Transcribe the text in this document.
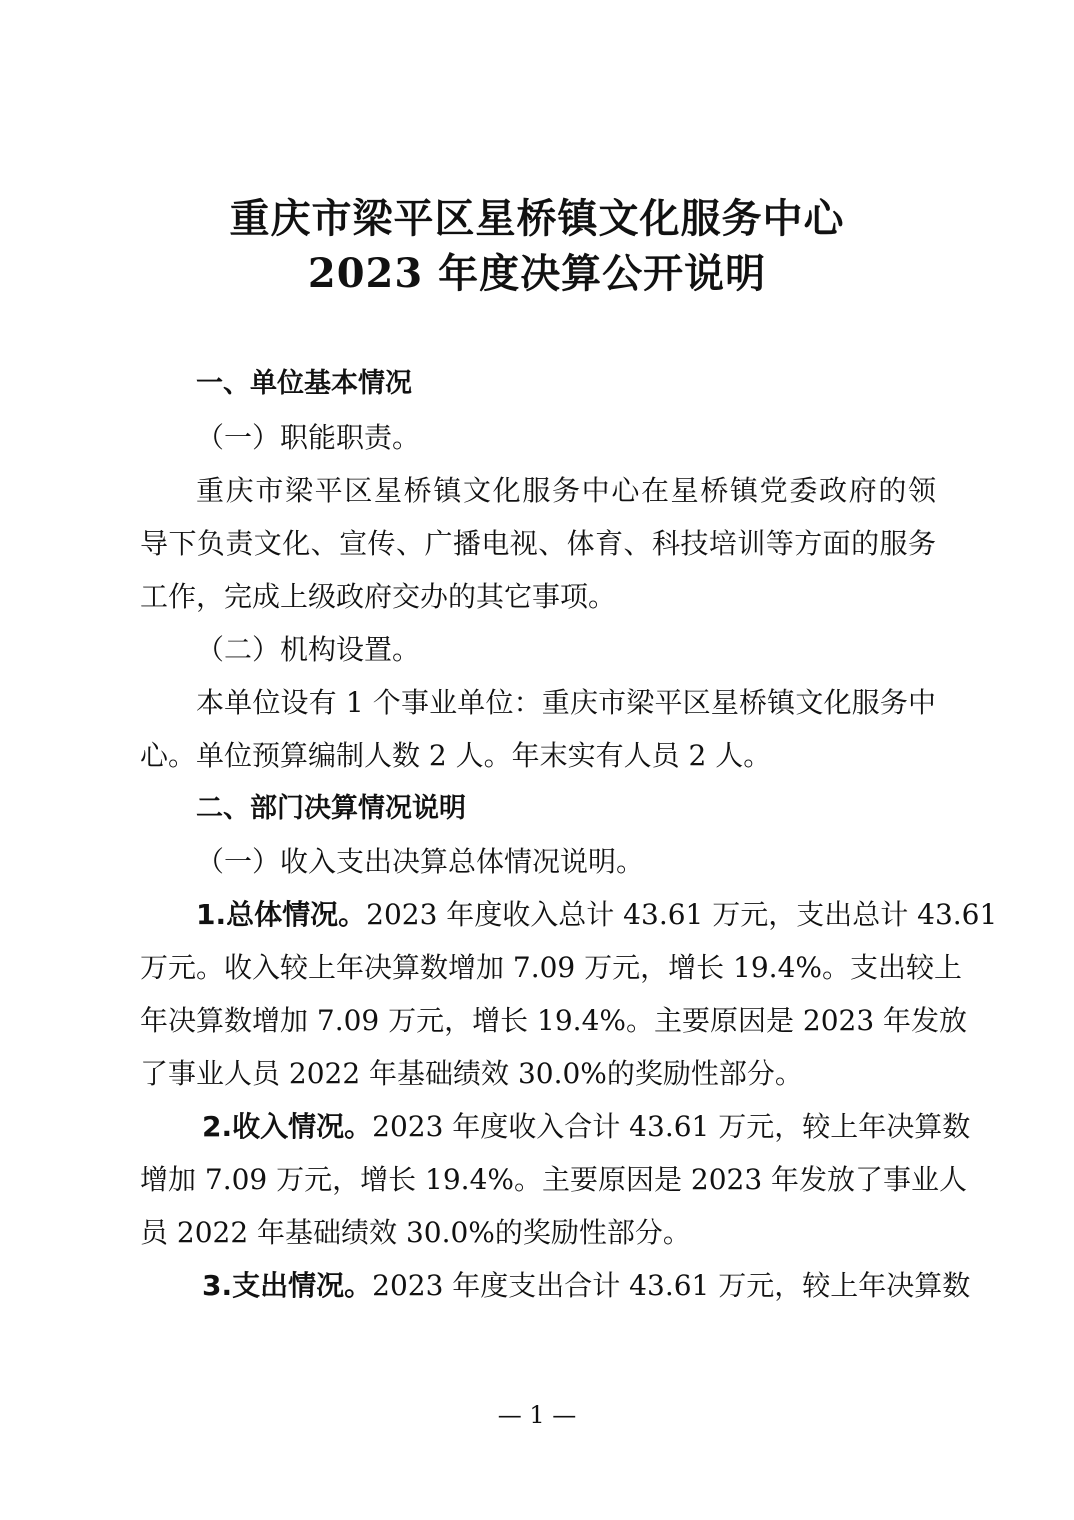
重庆市梁平区星桥镇文化服务中心
2023 年度决算公开说明
一、单位基本情况
（一）职能职责。
重庆市梁平区星桥镇文化服务中心在星桥镇党委政府的领
导下负责文化、宣传、广播电视、体育、科技培训等方面的服务
工作，完成上级政府交办的其它事项。
（二）机构设置。
本单位设有 1 个事业单位：重庆市梁平区星桥镇文化服务中
心。单位预算编制人数 2 人。年末实有人员 2 人。
二、部门决算情况说明
（一）收入支出决算总体情况说明。
1.总体情况。2023 年度收入总计 43.61 万元，支出总计 43.61
万元。收入较上年决算数增加 7.09 万元，增长 19.4%。支出较上
年决算数增加 7.09 万元，增长 19.4%。主要原因是 2023 年发放
了事业人员 2022 年基础绩效 30.0%的奖励性部分。
2.收入情况。2023 年度收入合计 43.61 万元，较上年决算数
增加 7.09 万元，增长 19.4%。主要原因是 2023 年发放了事业人
员 2022 年基础绩效 30.0%的奖励性部分。
3.支出情况。2023 年度支出合计 43.61 万元，较上年决算数
— 1 —
